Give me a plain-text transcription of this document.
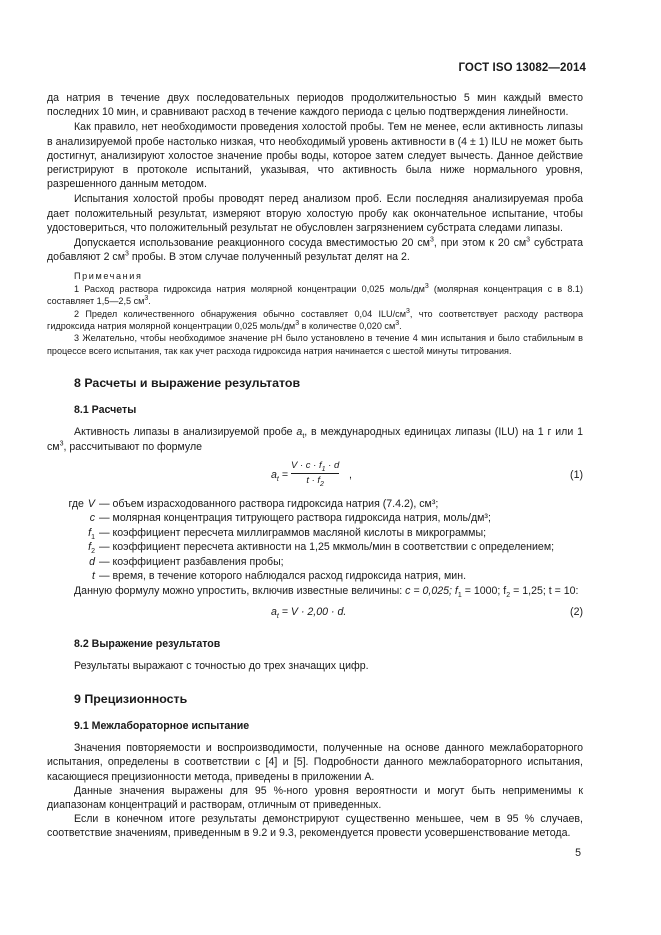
ГОСТ ISO 13082—2014

да натрия в течение двух последовательных периодов продолжительностью 5 мин каждый вместо последних 10 мин, и сравнивают расход в течение каждого периода с целью подтверждения линейности.

Как правило, нет необходимости проведения холостой пробы. Тем не менее, если активность липазы в анализируемой пробе настолько низкая, что необходимый уровень активности в (4 ± 1) ILU не может быть достигнут, анализируют холостое значение пробы воды, которое затем следует вычесть. Данное действие регистрируют в протоколе испытаний, указывая, что активность была ниже нормального уровня, разрешенного данным методом.

Испытания холостой пробы проводят перед анализом проб. Если последняя анализируемая проба дает положительный результат, измеряют вторую холостую пробу как окончательное испытание, чтобы удостовериться, что положительный результат не обусловлен загрязнением субстрата следами липазы.

Допускается использование реакционного сосуда вместимостью 20 $см^3$, при этом к 20 $см^3$ субстрата добавляют 2 $см^3$ пробы. В этом случае полученный результат делят на 2.

Примечания

1 Расход раствора гидроксида натрия молярной концентрации 0,025 моль/$дм^3$ (молярная концентрация с в 8.1) составляет 1,5—2,5 $см^3$.

2 Предел количественного обнаружения обычно составляет 0,04 ILU/$см^3$, что соответствует расходу раствора гидроксида натрия молярной концентрации 0,025 моль/$дм^3$ в количестве 0,020 $см^3$.

3 Желательно, чтобы необходимое значение pH было установлено в течение 4 мин испытания и было стабильным в процессе всего испытания, так как учет расхода гидроксида натрия начинается с шестой минуты титрования.

8 Расчеты и выражение результатов
8.1 Расчеты

Активность липазы в анализируемой пробе $a_t$, в международных единицах липазы (ILU) на 1 г или 1 $см^3$, рассчитывают по формуле

$a_t$ =
$V \cdot c \cdot f_1 \cdot d$
$t \cdot f_2$
,	(1)
где V — объем израсходованного раствора гидроксида натрия (7.4.2), см³;
c — молярная концентрация титрующего раствора гидроксида натрия, моль/дм³;
$f_1$ — коэффициент пересчета миллиграммов масляной кислоты в микрограммы;
$f_2$ — коэффициент пересчета активности на 1,25 мкмоль/мин в соответствии с определением;
d — коэффициент разбавления пробы;
t — время, в течение которого наблюдался расход гидроксида натрия, мин.

Данную формулу можно упростить, включив известные величины: c = 0,025; $f_1 = 1000$; $f_2 = 1,25$; t = 10:

$a_t = V \cdot 2,00 \cdot d$.	(2)
8.2 Выражение результатов

Результаты выражают с точностью до трех значащих цифр.

9 Прецизионность
9.1 Межлабораторное испытание

Значения повторяемости и воспроизводимости, полученные на основе данного межлабораторного испытания, определены в соответствии с [4] и [5]. Подробности данного межлабораторного испытания, касающиеся прецизионности метода, приведены в приложении А.

Данные значения выражены для 95 %-ного уровня вероятности и могут быть неприменимы к диапазонам концентраций и растворам, отличным от приведенных.

Если в конечном итоге результаты демонстрируют существенно меньшее, чем в 95 % случаев, соответствие значениям, приведенным в 9.2 и 9.3, рекомендуется провести усовершенствование метода.

5
